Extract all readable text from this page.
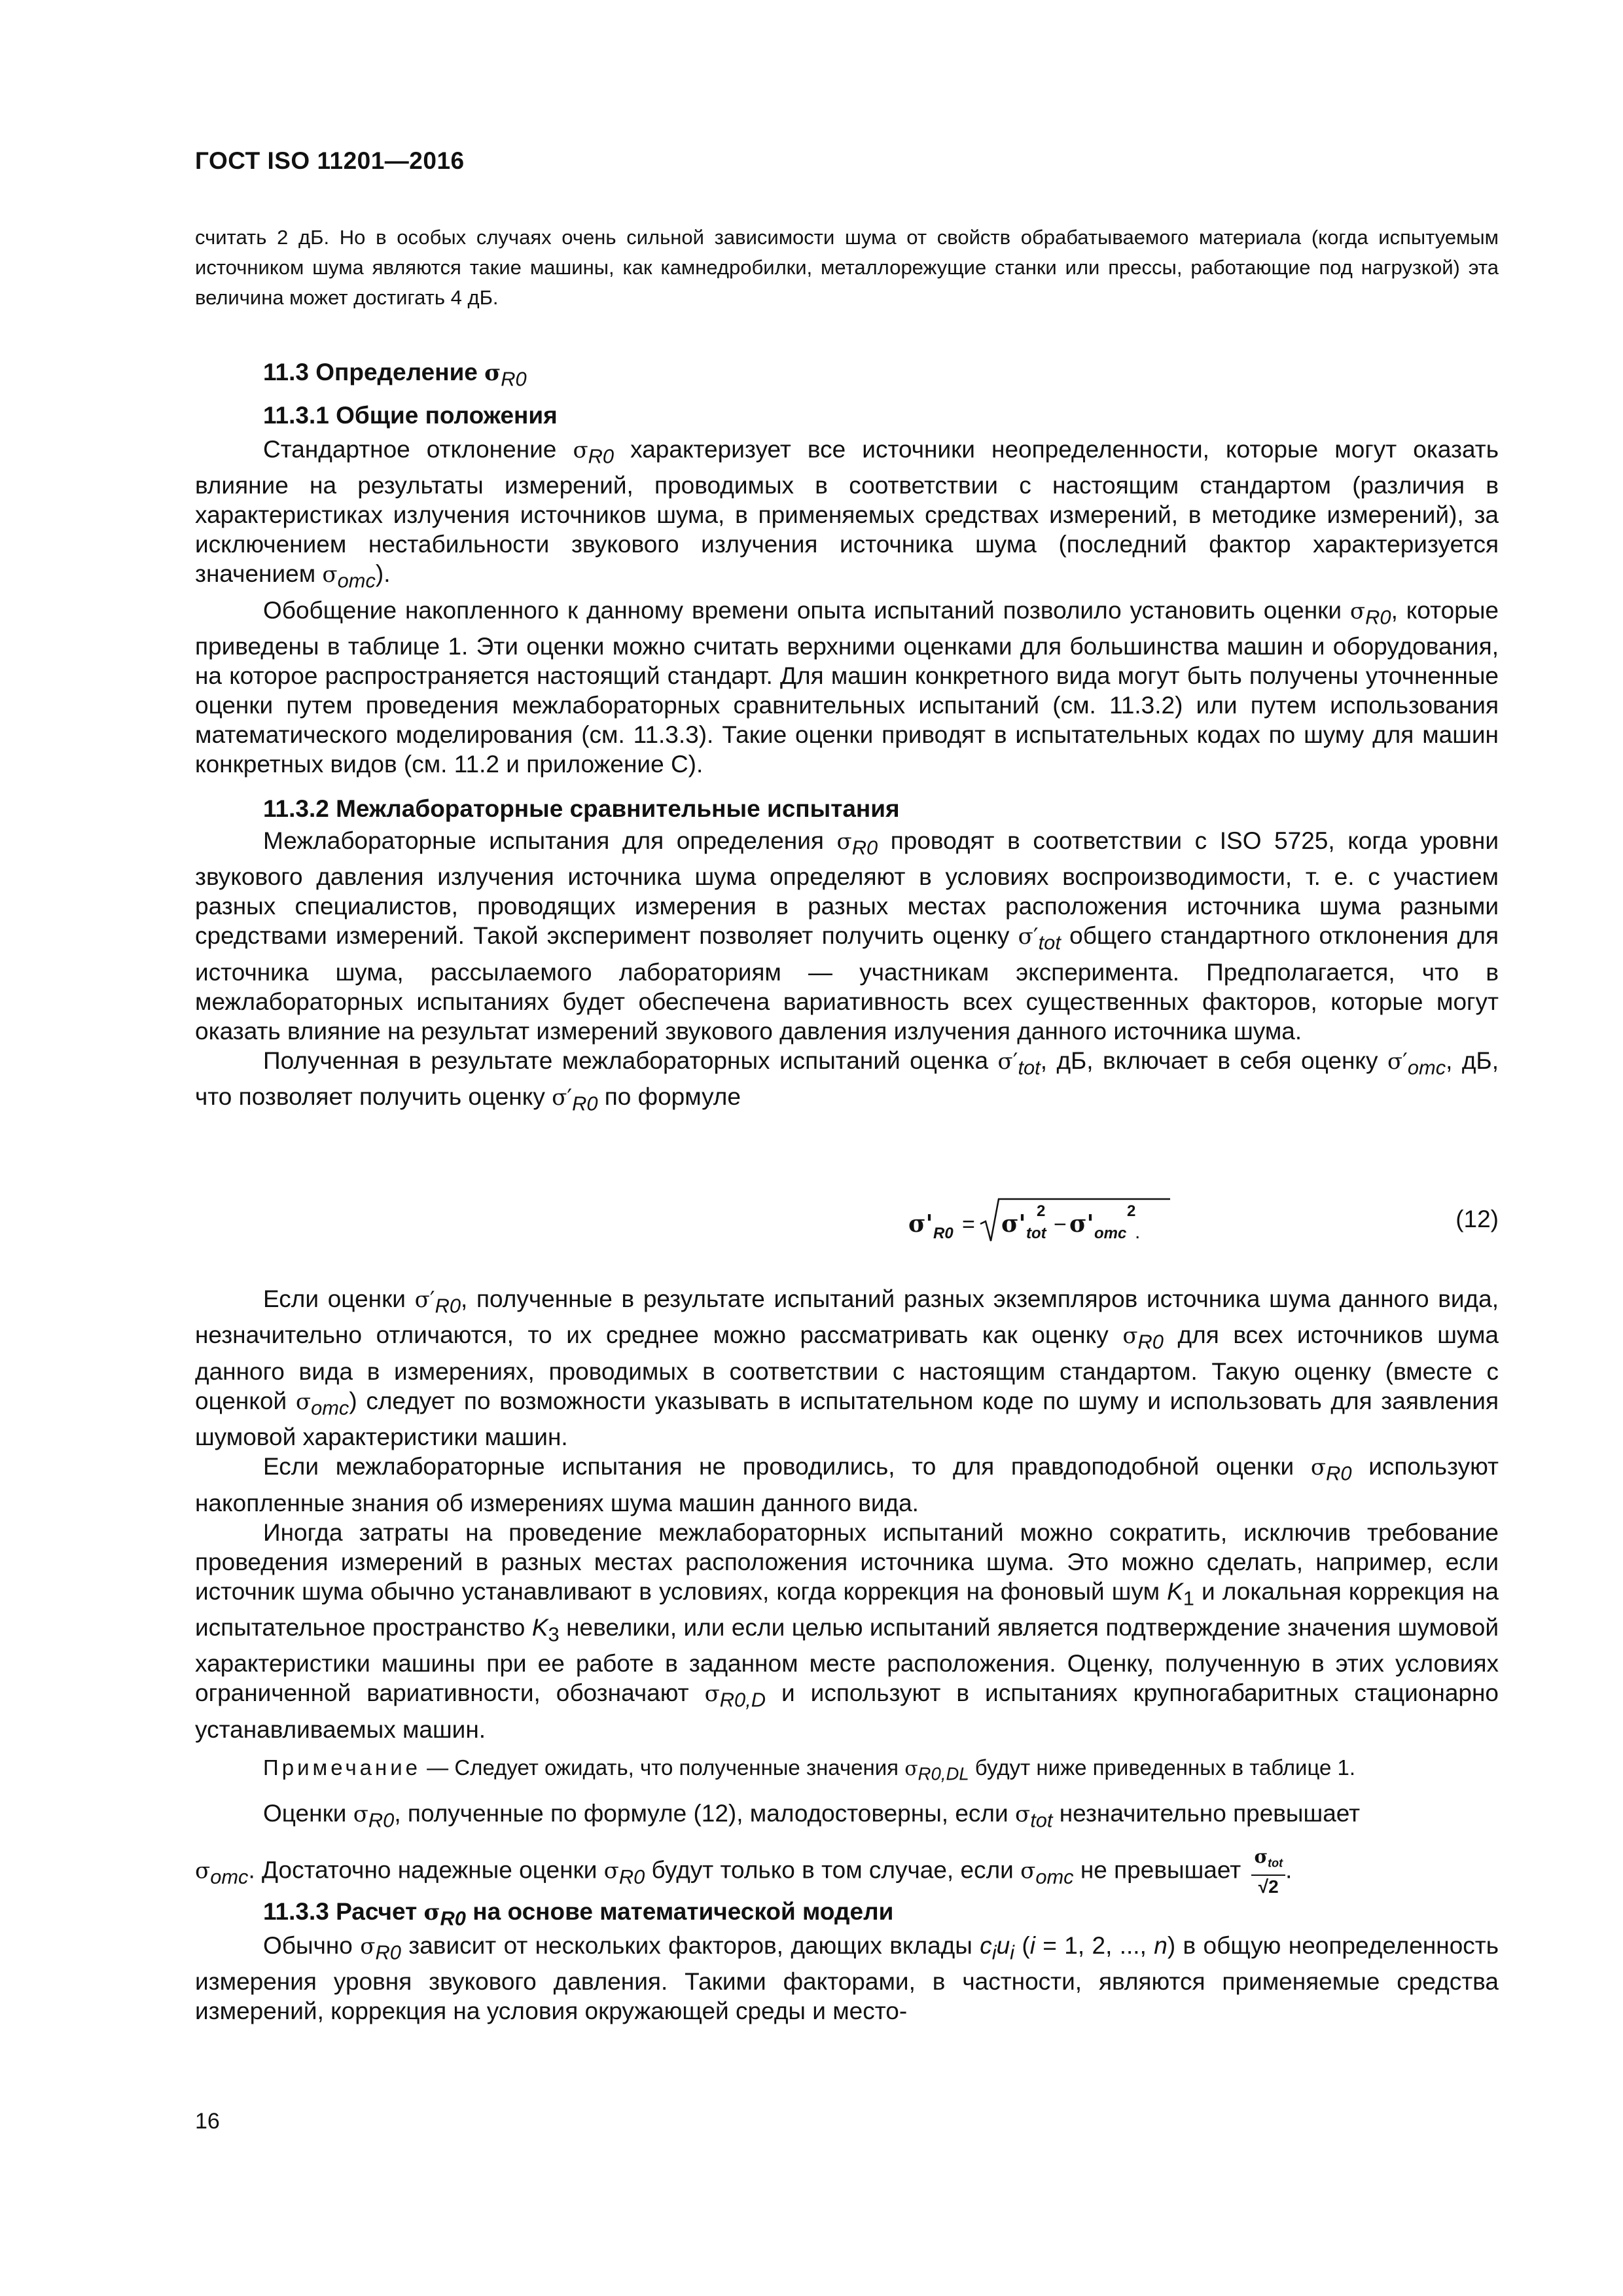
ГОСТ ISO 11201—2016

считать 2 дБ. Но в особых случаях очень сильной зависимости шума от свойств обрабатываемого материала (когда испытуемым источником шума являются такие машины, как камнедробилки, металлорежущие станки или прессы, работающие под нагрузкой) эта величина может достигать 4 дБ.

11.3 Определение $\sigma_{R0}$
11.3.1 Общие положения
Стандартное отклонение $\sigma_{R0}$ характеризует все источники неопределенности, которые могут оказать влияние на результаты измерений, проводимых в соответствии с настоящим стандартом (различия в характеристиках излучения источников шума, в применяемых средствах измерений, в методике измерений), за исключением нестабильности звукового излучения источника шума (последний фактор характеризуется значением $\sigma_{omc}$).
Обобщение накопленного к данному времени опыта испытаний позволило установить оценки $\sigma_{R0}$, которые приведены в таблице 1. Эти оценки можно считать верхними оценками для большинства машин и оборудования, на которое распространяется настоящий стандарт. Для машин конкретного вида могут быть получены уточненные оценки путем проведения межлабораторных сравнительных испытаний (см. 11.3.2) или путем использования математического моделирования (см. 11.3.3). Такие оценки приводят в испытательных кодах по шуму для машин конкретных видов (см. 11.2 и приложение С).
11.3.2 Межлабораторные сравнительные испытания
Межлабораторные испытания для определения $\sigma_{R0}$ проводят в соответствии с ISO 5725, когда уровни звукового давления излучения источника шума определяют в условиях воспроизводимости, т. е. с участием разных специалистов, проводящих измерения в разных местах расположения источника шума разными средствами измерений. Такой эксперимент позволяет получить оценку $\sigma'_{tot}$ общего стандартного отклонения для источника шума, рассылаемого лабораториям — участникам эксперимента. Предполагается, что в межлабораторных испытаниях будет обеспечена вариативность всех существенных факторов, которые могут оказать влияние на результат измерений звукового давления излучения данного источника шума.
Полученная в результате межлабораторных испытаний оценка $\sigma'_{tot}$, дБ, включает в себя оценку $\sigma'_{omc}$, дБ, что позволяет получить оценку $\sigma'_{R0}$ по формуле
σ' R0 = σ' tot
2
− σ' omc
2
.	(12)
Если оценки $\sigma'_{R0}$, полученные в результате испытаний разных экземпляров источника шума данного вида, незначительно отличаются, то их среднее можно рассматривать как оценку $\sigma_{R0}$ для всех источников шума данного вида в измерениях, проводимых в соответствии с настоящим стандартом. Такую оценку (вместе с оценкой $\sigma_{omc}$) следует по возможности указывать в испытательном коде по шуму и использовать для заявления шумовой характеристики машин.
Если межлабораторные испытания не проводились, то для правдоподобной оценки $\sigma_{R0}$ используют накопленные знания об измерениях шума машин данного вида.
Иногда затраты на проведение межлабораторных испытаний можно сократить, исключив требование проведения измерений в разных местах расположения источника шума. Это можно сделать, например, если источник шума обычно устанавливают в условиях, когда коррекция на фоновый шум $K_1$ и локальная коррекция на испытательное пространство $K_3$ невелики, или если целью испытаний является подтверждение значения шумовой характеристики машины при ее работе в заданном месте расположения. Оценку, полученную в этих условиях ограниченной вариативности, обозначают $\sigma_{R0,D}$ и используют в испытаниях крупногабаритных стационарно устанавливаемых машин.
Примечание — Следует ожидать, что полученные значения $\sigma_{R0,DL}$ будут ниже приведенных в таблице 1.
Оценки $\sigma_{R0}$, полученные по формуле (12), малодостоверны, если $\sigma_{tot}$ незначительно превышает
$\sigma_{omc}$. Достаточно надежные оценки $\sigma_{R0}$ будут только в том случае, если $\sigma_{omc}$ не превышает $\frac{\sigma_{tot}}{√2}$ .
11.3.3 Расчет $\sigma_{R0}$ на основе математической модели
Обычно $\sigma_{R0}$ зависит от нескольких факторов, дающих вклады $c_iu_i$ (i = 1, 2, ..., n) в общую неопределенность измерения уровня звукового давления. Такими факторами, в частности, являются применяемые средства измерений, коррекция на условия окружающей среды и место-
16
